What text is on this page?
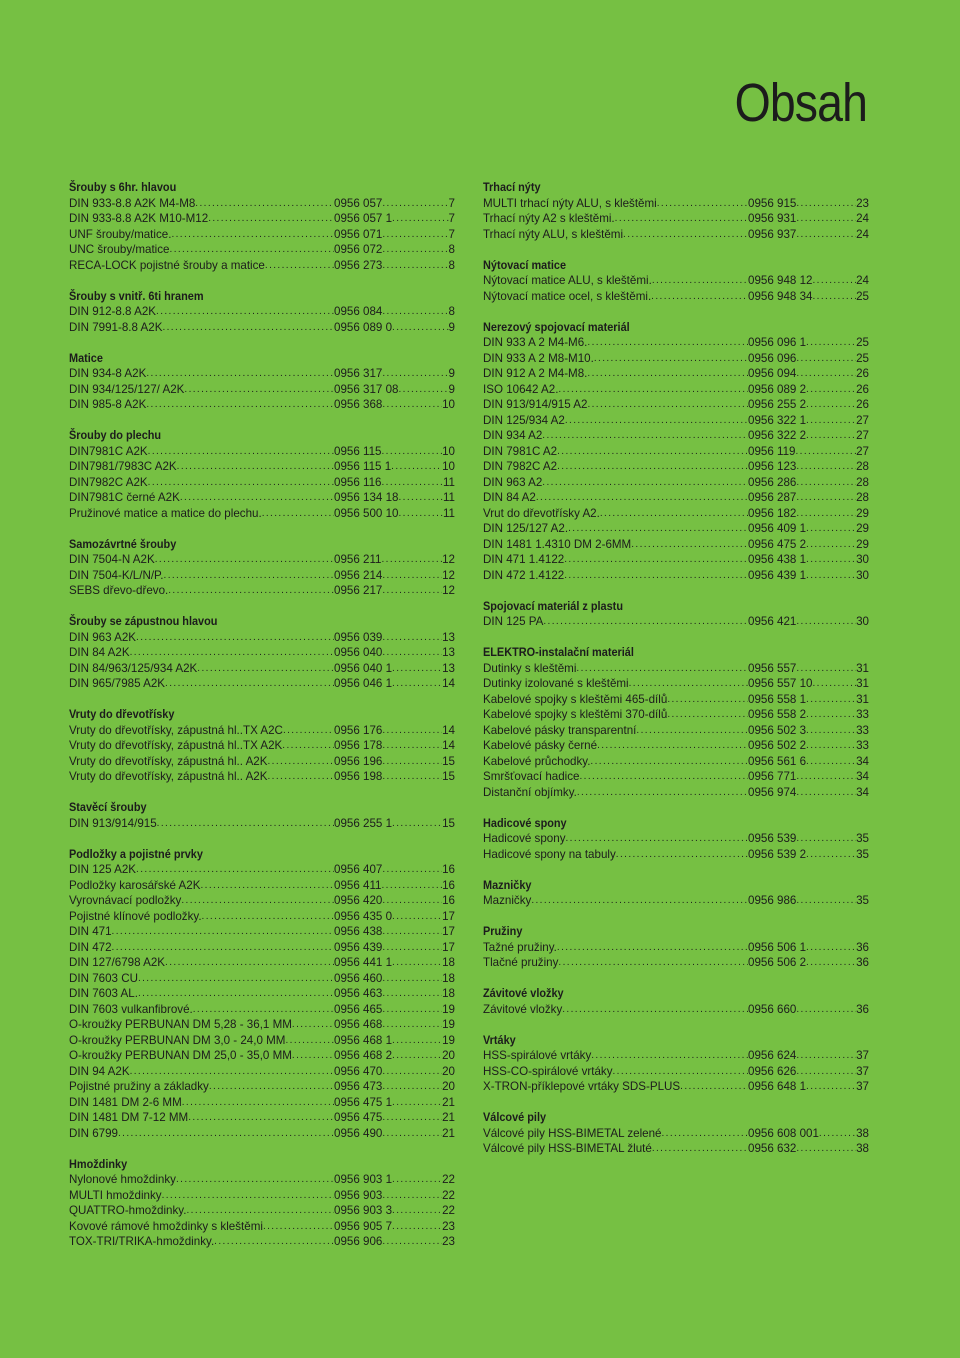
Obsah
Šrouby s 6hr. hlavou
DIN 933-8.8 A2K M4-M8 .....	0956 057 .....	7
DIN 933-8.8 A2K M10-M12 .....	0956 057 1 .....	7
UNF šrouby/matice. .....	0956 071 .....	7
UNC šrouby/matice .....	0956 072 .....	8
RECA-LOCK pojistné šrouby a matice .....	0956 273 .....	8
Šrouby s vnitř. 6ti hranem
DIN 912-8.8 A2K .....	0956 084 .....	8
DIN 7991-8.8 A2K .....	0956 089 0 .....	9
Matice
DIN 934-8 A2K .....	0956 317 .....	9
DIN 934/125/127/ A2K .....	0956 317 08 .....	9
DIN 985-8 A2K .....	0956 368 .....	10
Šrouby do plechu
DIN7981C A2K .....	0956 115 .....	10
DIN7981/7983C A2K .....	0956 115 1 .....	10
DIN7982C A2K .....	0956 116 .....	11
DIN7981C černé A2K .....	0956 134 18 .....	11
Pružinové matice a matice do plechu. .....	0956 500 10 .....	11
Samozávrtné šrouby
DIN 7504-N A2K .....	0956 211 .....	12
DIN 7504-K/L/N/P. .....	0956 214 .....	12
SEBS dřevo-dřevo. .....	0956 217 .....	12
Šrouby se zápustnou hlavou
DIN 963 A2K .....	0956 039 .....	13
DIN 84 A2K .....	0956 040 .....	13
DIN 84/963/125/934 A2K .....	0956 040 1 .....	13
DIN 965/7985 A2K .....	0956 046 1 .....	14
Vruty do dřevotřísky
Vruty do dřevotřísky, zápustná hl..TX A2C .....	0956 176 .....	14
Vruty do dřevotřísky, zápustná hl..TX A2K .....	0956 178 .....	14
Vruty do dřevotřísky, zápustná hl.. A2K .....	0956 196 .....	15
Vruty do dřevotřísky, zápustná hl.. A2K .....	0956 198 .....	15
Stavěcí šrouby
DIN 913/914/915 .....	0956 255 1 .....	15
Podložky a pojistné prvky
DIN 125 A2K .....	0956 407 .....	16
Podložky karosářské A2K .....	0956 411 .....	16
Vyrovnávací podložky .....	0956 420 .....	16
Pojistné klínové podložky. .....	0956 435 0 .....	17
DIN 471 .....	0956 438 .....	17
DIN 472 .....	0956 439 .....	17
DIN 127/6798 A2K .....	0956 441 1 .....	18
DIN 7603 CU .....	0956 460 .....	18
DIN 7603 AL. .....	0956 463 .....	18
DIN 7603 vulkanfibrové. .....	0956 465 .....	19
O-kroužky PERBUNAN DM 5,28 - 36,1 MM .....	0956 468 .....	19
O-kroužky PERBUNAN DM 3,0 - 24,0 MM .....	0956 468 1 .....	19
O-kroužky PERBUNAN DM 25,0 - 35,0 MM .....	0956 468 2 .....	20
DIN 94 A2K .....	0956 470 .....	20
Pojistné pružiny a základky .....	0956 473 .....	20
DIN 1481 DM 2-6 MM .....	0956 475 1 .....	21
DIN 1481 DM 7-12 MM .....	0956 475 .....	21
DIN 6799 .....	0956 490 .....	21
Hmoždinky
Nylonové hmoždinky .....	0956 903 1 .....	22
MULTI hmoždinky .....	0956 903 .....	22
QUATTRO-hmoždinky. .....	0956 903 3 .....	22
Kovové rámové hmoždinky s kleštěmi .....	0956 905 7 .....	23
TOX-TRI/TRIKA-hmoždinky. .....	0956 906 .....	23
Trhací nýty
MULTI trhací nýty ALU, s kleštěmi .....	0956 915 .....	23
Trhací nýty A2 s kleštěmi. .....	0956 931 .....	24
Trhací nýty ALU, s kleštěmi .....	0956 937 .....	24
Nýtovací matice
Nýtovací matice ALU, s kleštěmi. .....	0956 948 12 .....	24
Nýtovací matice ocel, s kleštěmi. .....	0956 948 34 .....	25
Nerezový spojovací materiál
DIN 933 A 2 M4-M6. .....	0956 096 1 .....	25
DIN 933 A 2 M8-M10. .....	0956 096 .....	25
DIN 912 A 2 M4-M8. .....	0956 094 .....	26
ISO 10642 A2. .....	0956 089 2 .....	26
DIN 913/914/915 A2 .....	0956 255 2 .....	26
DIN 125/934 A2 .....	0956 322 1 .....	27
DIN 934 A2 .....	0956 322 2 .....	27
DIN 7981C A2 .....	0956 119 .....	27
DIN 7982C A2 .....	0956 123 .....	28
DIN 963 A2 .....	0956 286 .....	28
DIN 84 A2 .....	0956 287 .....	28
Vrut do dřevotřísky A2. .....	0956 182 .....	29
DIN 125/127 A2. .....	0956 409 1 .....	29
DIN 1481 1.4310 DM 2-6MM .....	0956 475 2 .....	29
DIN 471 1.4122 .....	0956 438 1 .....	30
DIN 472 1.4122 .....	0956 439 1 .....	30
Spojovací materiál z plastu
DIN 125 PA .....	0956 421 .....	30
ELEKTRO-instalační materiál
Dutinky s kleštěmi .....	0956 557 .....	31
Dutinky izolované s kleštěmi .....	0956 557 10 .....	31
Kabelové spojky s kleštěmi 465-dílů .....	0956 558 1 .....	31
Kabelové spojky s kleštěmi 370-dílů .....	0956 558 2 .....	33
Kabelové pásky transparentní .....	0956 502 3 .....	33
Kabelové pásky černé .....	0956 502 2 .....	33
Kabelové průchodky. .....	0956 561 6 .....	34
Smršťovací hadice .....	0956 771 .....	34
Distanční objímky. .....	0956 974 .....	34
Hadicové spony
Hadicové spony .....	0956 539 .....	35
Hadicové spony na tabuly .....	0956 539 2 .....	35
Mazničky
Mazničky .....	0956 986 .....	35
Pružiny
Tažné pružiny. .....	0956 506 1 .....	36
Tlačné pružiny .....	0956 506 2 .....	36
Závitové vložky
Závitové vložky .....	0956 660 .....	36
Vrtáky
HSS-spirálové vrtáky .....	0956 624 .....	37
HSS-CO-spirálové vrtáky .....	0956 626 .....	37
X-TRON-příklepové vrtáky SDS-PLUS .....	0956 648 1 .....	37
Válcové pily
Válcové pily HSS-BIMETAL zelené .....	0956 608 001 .....	38
Válcové pily HSS-BIMETAL žluté .....	0956 632 .....	38
